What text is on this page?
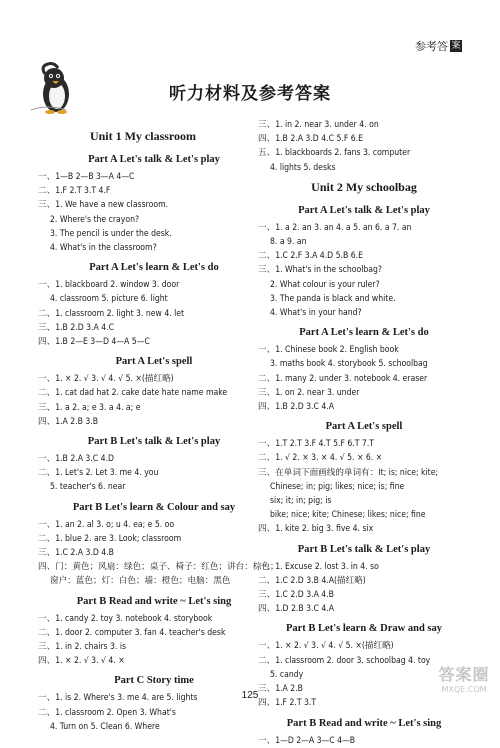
参考答 案
听力材料及参考答案
Unit 1 My classroom
Part A Let's talk & Let's play
一、1—B 2—B 3—A 4—C
二、1.F 2.T 3.T 4.F
三、1. We have a new classroom.
2. Where's the crayon?
3. The pencil is under the desk.
4. What's in the classroom?
Part A Let's learn & Let's do
一、1. blackboard 2. window 3. door
4. classroom 5. picture 6. light
二、1. classroom 2. light 3. new 4. let
三、1.B 2.D 3.A 4.C
四、1.B 2—E 3—D 4—A 5—C
Part A Let's spell
一、1. × 2. √ 3. √ 4. √ 5. ×(描红略)
二、1. cat dad hat 2. cake date hate name make
三、1. a 2. a; e 3. a 4. a; e
四、1.A 2.B 3.B
Part B Let's talk & Let's play
一、1.B 2.A 3.C 4.D
二、1. Let's 2. Let 3. me 4. you
5. teacher's 6. near
Part B Let's learn & Colour and say
一、1. an 2. al 3. o; u 4. ea; e 5. oo
二、1. blue 2. are 3. Look; classroom
三、1.C 2.A 3.D 4.B
四、门：黄色；风扇：绿色；桌子、椅子：红色；讲台：棕色；
窗户：蓝色；灯：白色；墙：橙色；电脑：黑色
Part B Read and write ~ Let's sing
一、1. candy 2. toy 3. notebook 4. storybook
二、1. door 2. computer 3. fan 4. teacher's desk
三、1. in 2. chairs 3. is
四、1. × 2. √ 3. √ 4. ×
Part C Story time
一、1. is 2. Where's 3. me 4. are 5. lights
二、1. classroom 2. Open 3. What's
4. Turn on 5. Clean 6. Where
三、1. in 2. near 3. under 4. on
四、1.B 2.A 3.D 4.C 5.F 6.E
五、1. blackboards 2. fans 3. computer
4. lights 5. desks
Unit 2 My schoolbag
Part A Let's talk & Let's play
一、1. a 2. an 3. an 4. a 5. an 6. a 7. an
8. a 9. an
二、1.C 2.F 3.A 4.D 5.B 6.E
三、1. What's in the schoolbag?
2. What colour is your ruler?
3. The panda is black and white.
4. What's in your hand?
Part A Let's learn & Let's do
一、1. Chinese book 2. English book
3. maths book 4. storybook 5. schoolbag
二、1. many 2. under 3. notebook 4. eraser
三、1. on 2. near 3. under
四、1.B 2.D 3.C 4.A
Part A Let's spell
一、1.T 2.T 3.F 4.T 5.F 6.T 7.T
二、1. √ 2. × 3. × 4. √ 5. × 6. ×
三、在单词下面画线的单词有：It; is; nice; kite;
Chinese; in; pig; likes; nice; is; fine
six; it; in; pig; is
bike; nice; kite; Chinese; likes; nice; fine
四、1. kite 2. big 3. five 4. six
Part B Let's talk & Let's play
一、1. Excuse 2. lost 3. in 4. so
二、1.C 2.D 3.B 4.A(描红略)
三、1.C 2.D 3.A 4.B
四、1.D 2.B 3.C 4.A
Part B Let's learn & Draw and say
一、1. × 2. √ 3. √ 4. √ 5. ×(描红略)
二、1. classroom 2. door 3. schoolbag 4. toy
5. candy
三、1.A 2.B
四、1.F 2.T 3.T
Part B Read and write ~ Let's sing
一、1—D 2—A 3—C 4—B
125
答案圈
MXQE.COM
